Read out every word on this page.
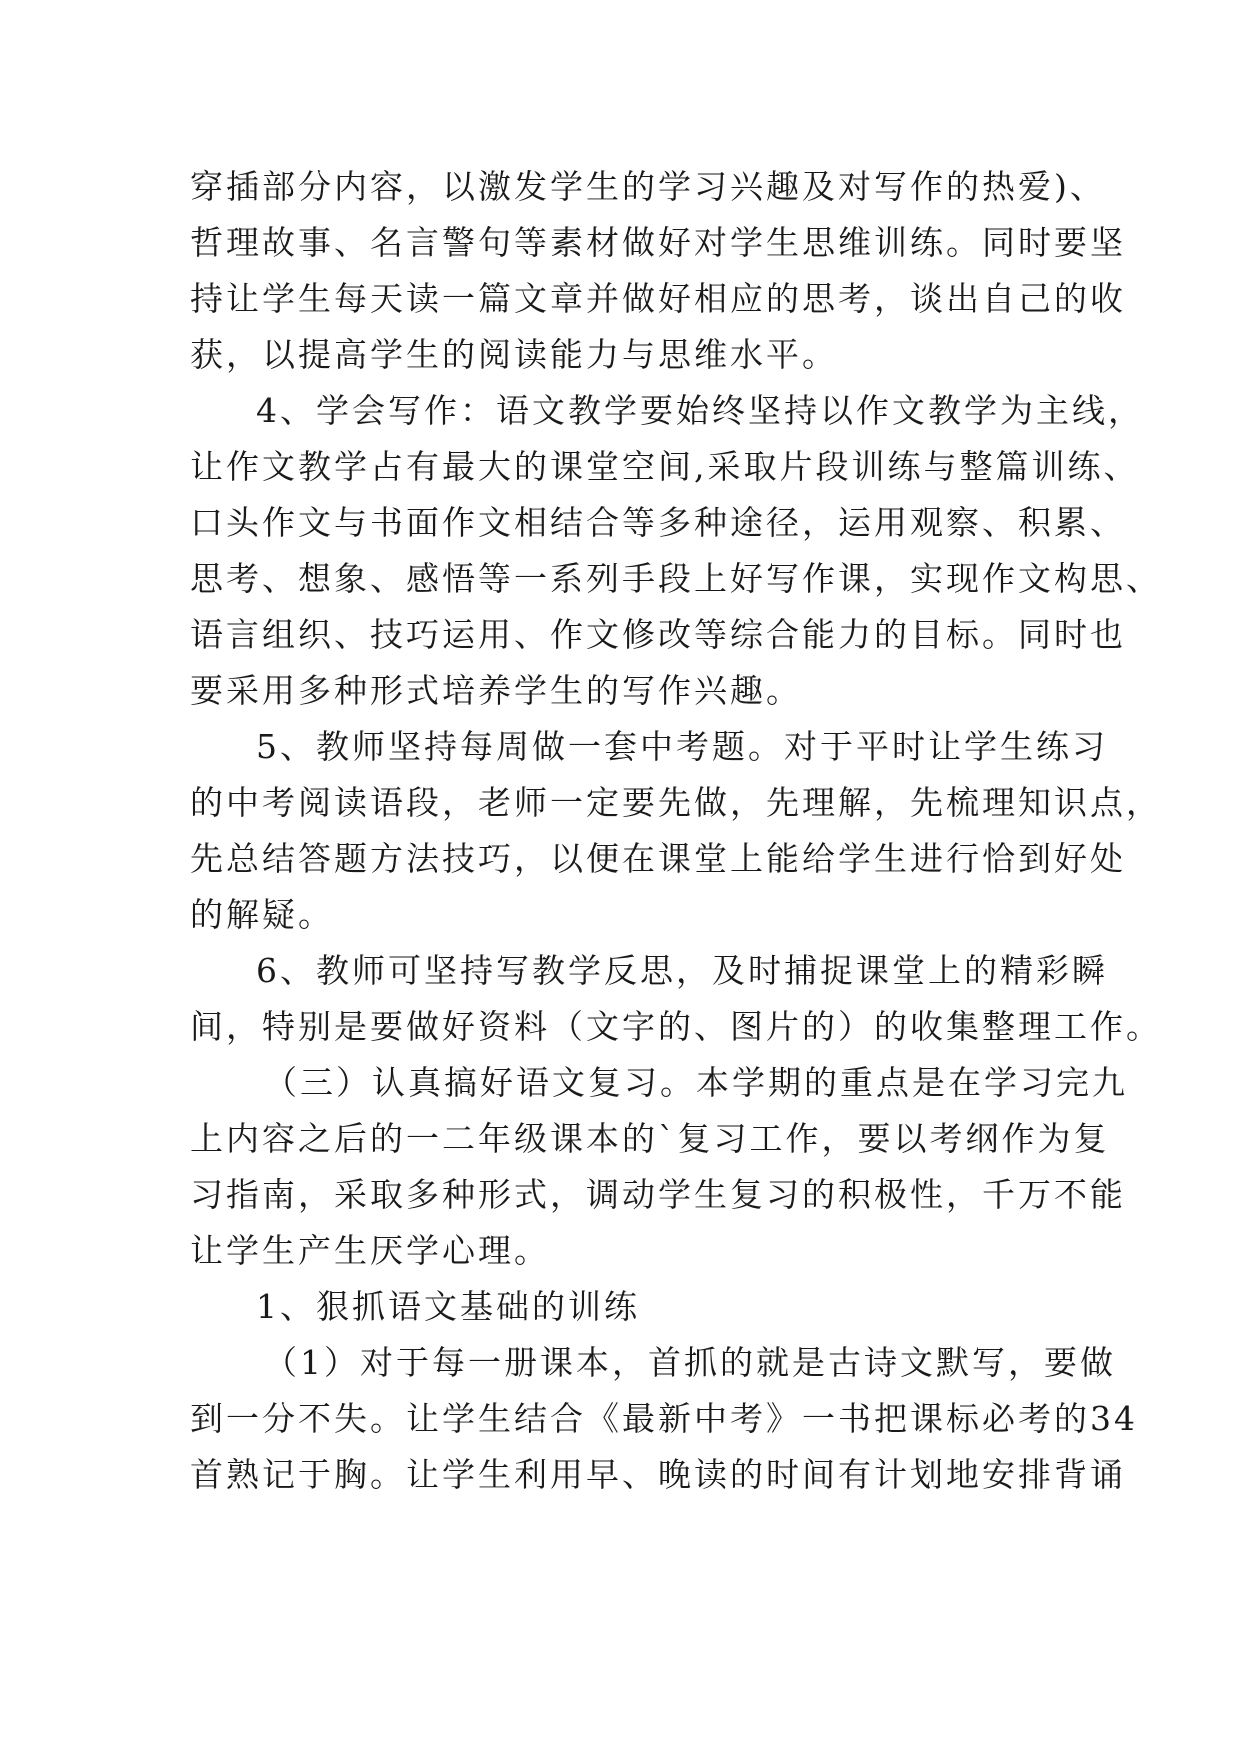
穿插部分内容，以激发学生的学习兴趣及对写作的热爱)、

哲理故事、名言警句等素材做好对学生思维训练。同时要坚

持让学生每天读一篇文章并做好相应的思考，谈出自己的收

获，以提高学生的阅读能力与思维水平。

4、学会写作：语文教学要始终坚持以作文教学为主线，

让作文教学占有最大的课堂空间,采取片段训练与整篇训练、

口头作文与书面作文相结合等多种途径，运用观察、积累、

思考、想象、感悟等一系列手段上好写作课，实现作文构思、

语言组织、技巧运用、作文修改等综合能力的目标。同时也

要采用多种形式培养学生的写作兴趣。

5、教师坚持每周做一套中考题。对于平时让学生练习

的中考阅读语段，老师一定要先做，先理解，先梳理知识点，

先总结答题方法技巧，以便在课堂上能给学生进行恰到好处

的解疑。

6、教师可坚持写教学反思，及时捕捉课堂上的精彩瞬

间，特别是要做好资料（文字的、图片的）的收集整理工作。

（三）认真搞好语文复习。本学期的重点是在学习完九

上内容之后的一二年级课本的`复习工作，要以考纲作为复

习指南，采取多种形式，调动学生复习的积极性，千万不能

让学生产生厌学心理。

1、狠抓语文基础的训练

（1）对于每一册课本，首抓的就是古诗文默写，要做

到一分不失。让学生结合《最新中考》一书把课标必考的34

首熟记于胸。让学生利用早、晚读的时间有计划地安排背诵
